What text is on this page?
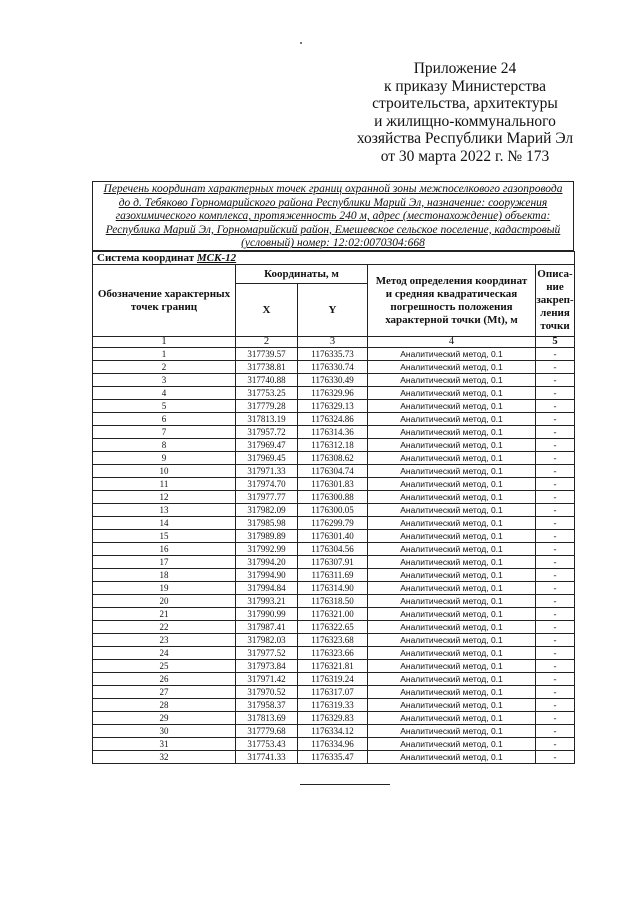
Приложение 24
к приказу Министерства
строительства, архитектуры
и жилищно-коммунального
хозяйства Республики Марий Эл
от 30 марта 2022 г. № 173
Перечень координат характерных точек границ охранной зоны межпоселкового газопровода
до д. Тебяково Горномарийского района Республики Марий Эл, назначение: сооружения
газохимического комплекса, протяженность 240 м, адрес (местонахождение) объекта:
Республика Марий Эл, Горномарийский район, Емешевское сельское поселение, кадастровый
(условный) номер: 12:02:0070304:668
Система координат МСК-12				
Обозначение характерных точек границ	Координаты, м		Метод определения координат и средняя квадратическая погрешность положения характерной точки (Mt), м	Описа-ние закреп-ления точки
	X	Y		
1	2	3	4	5
1	317739.57	1176335.73	Аналитический метод, 0.1	-
2	317738.81	1176330.74	Аналитический метод, 0.1	-
3	317740.88	1176330.49	Аналитический метод, 0.1	-
4	317753.25	1176329.96	Аналитический метод, 0.1	-
5	317779.28	1176329.13	Аналитический метод, 0.1	-
6	317813.19	1176324.86	Аналитический метод, 0.1	-
7	317957.72	1176314.36	Аналитический метод, 0.1	-
8	317969.47	1176312.18	Аналитический метод, 0.1	-
9	317969.45	1176308.62	Аналитический метод, 0.1	-
10	317971.33	1176304.74	Аналитический метод, 0.1	-
11	317974.70	1176301.83	Аналитический метод, 0.1	-
12	317977.77	1176300.88	Аналитический метод, 0.1	-
13	317982.09	1176300.05	Аналитический метод, 0.1	-
14	317985.98	1176299.79	Аналитический метод, 0.1	-
15	317989.89	1176301.40	Аналитический метод, 0.1	-
16	317992.99	1176304.56	Аналитический метод, 0.1	-
17	317994.20	1176307.91	Аналитический метод, 0.1	-
18	317994.90	1176311.69	Аналитический метод, 0.1	-
19	317994.84	1176314.90	Аналитический метод, 0.1	-
20	317993.21	1176318.50	Аналитический метод, 0.1	-
21	317990.99	1176321.00	Аналитический метод, 0.1	-
22	317987.41	1176322.65	Аналитический метод, 0.1	-
23	317982.03	1176323.68	Аналитический метод, 0.1	-
24	317977.52	1176323.66	Аналитический метод, 0.1	-
25	317973.84	1176321.81	Аналитический метод, 0.1	-
26	317971.42	1176319.24	Аналитический метод, 0.1	-
27	317970.52	1176317.07	Аналитический метод, 0.1	-
28	317958.37	1176319.33	Аналитический метод, 0.1	-
29	317813.69	1176329.83	Аналитический метод, 0.1	-
30	317779.68	1176334.12	Аналитический метод, 0.1	-
31	317753.43	1176334.96	Аналитический метод, 0.1	-
32	317741.33	1176335.47	Аналитический метод, 0.1	-
